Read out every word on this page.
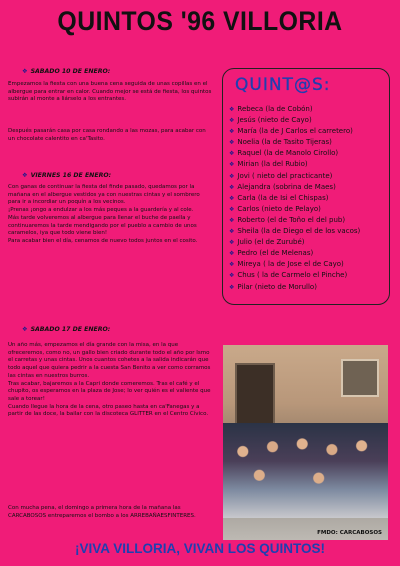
QUINTOS '96 VILLORIA
❖ SABADO 10 DE ENERO:
Empezamos la fiesta con una buena cena seguida de unas copillas en el albergue para entrar en calor. Cuando mejor se está de fiesta, los quintos subirán al monte a liárselo a los entrantes.
Después pasarán casa por casa rondando a las mozas, para acabar con un chocolate calentito en ca'Tasito.
❖ VIERNES 16 DE ENERO:
Con ganas de continuar la fiesta del finde pasado, quedamos por la mañana en el albergue vestidos ya con nuestras cintas y el sombrero para ir a incordiar un poquín a los vecinos.
¡Prenas ¡ongo a endulzar a los más peques a la guardería y al cole.
Más tarde volveremos al albergue para llenar el buche de paella y continuaremos la tarde mendigando por el pueblo a cambio de unos caramelos, iya que todo viene bien!
Para acabar bien el día, cenamos de nuevo todos juntos en el cosito.
❖ SABADO 17 DE ENERO:
Un año más, empezamos el día grande con la misa, en la que ofreceremos, como no, un gallo bien criado durante todo el año por Ismo el carretas y unas cintas. Unos cuantos cohetes a la salida indicarán que todo aquel que quiera pedrir a la cuesta San Benito a ver como corramos las cintas en nuestros burros.
Tras acabar, bajaremos a la Capri donde comeremos. Tras el café y el chupito, os esperamos en la plaza de Jose; lo ver quién es el valiente que sale a torear!
Cuando llegue la hora de la cena, otro paseo hasta en ca'Fanegas y a partir de las doce, la bailar con la discoteca GLITTER en el Centro Cívico.
Con mucha pena, el domingo a primera hora de la mañana las CARCABOSOS entreparemos el bombo a los ARREBAÑAESFINTERES.
QUINT@S:
❖ Rebeca (la de Cobón)
❖ Jesús (nieto de Cayo)
❖ María (la de J Carlos el carretero)
❖ Noelia (la de Tasito Tijeras)
❖ Raquel (la de Manolo Cirollo)
❖ Mirian (la del Rubio)
❖ Jovi ( nieto del practicante)
❖ Alejandra (sobrina de Maes)
❖ Carla (la de Isi el Chispas)
❖ Carlos (nieto de Pelayo)
❖ Roberto (el de Toño el del pub)
❖ Sheila (la de Diego el de los vacos)
❖ Julio (el de Zurubé)
❖ Pedro (el de Melenas)
❖ Mireya ( la de Jose el de Cayo)
❖ Chus ( la de Carmelo el Pinche)
❖ Pilar (nieto de Morullo)
FMDO: CARCABOSOS
¡VIVA VILLORIA, VIVAN LOS QUINTOS!
